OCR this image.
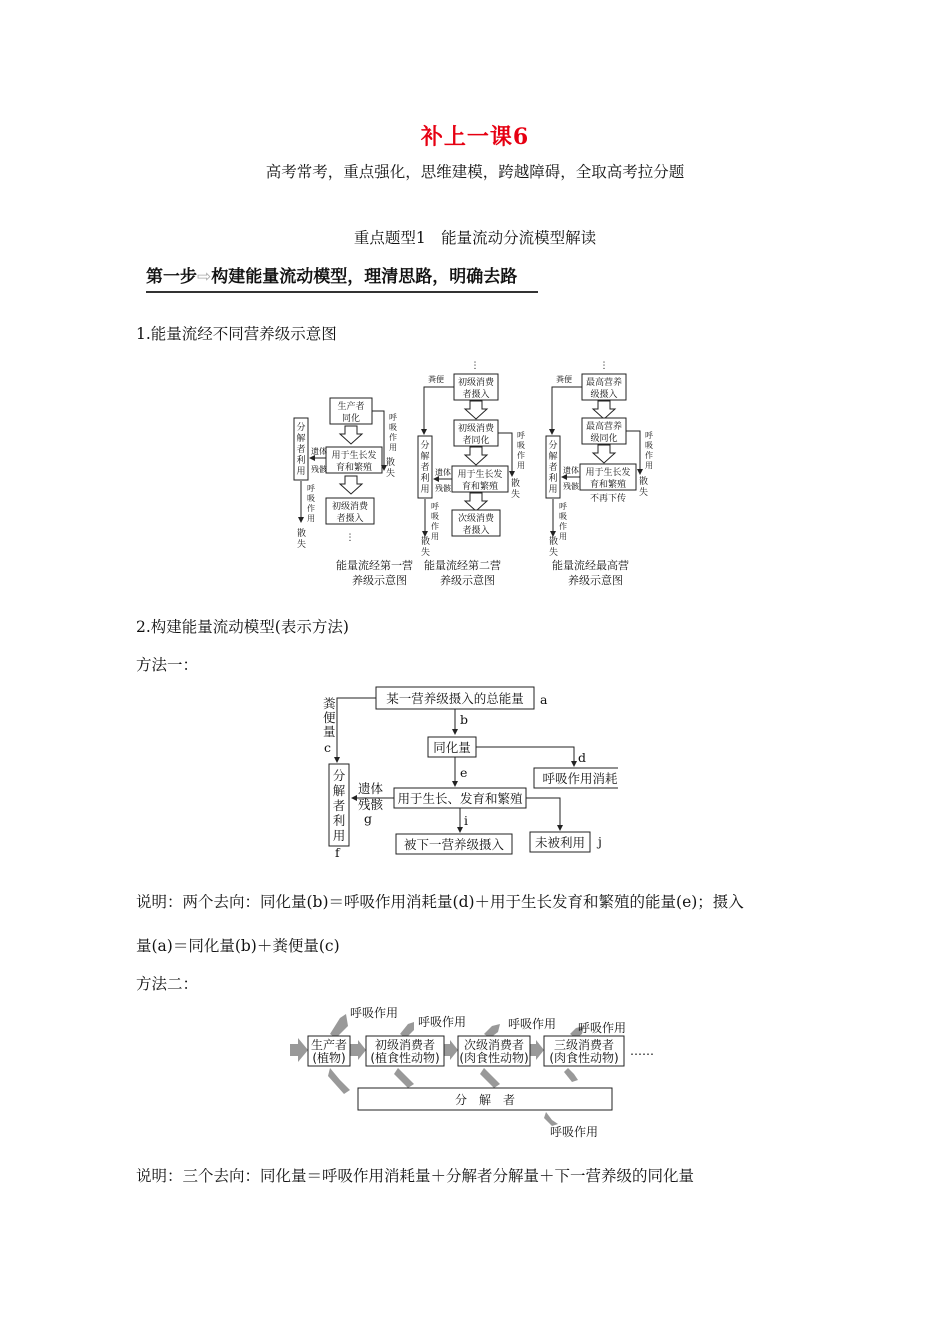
补上一课6
高考常考，重点强化，思维建模，跨越障碍，全取高考拉分题
重点题型1　能量流动分流模型解读
第一步⇨构建能量流动模型，理清思路，明确去路
1.能量流经不同营养级示意图
生产者
同化
用于生长发
育和繁殖
初级消费
者摄入
⋮
分
解
者
利
用
遗体
残骸
呼
吸
作
用
散
失
呼
吸
作
用
散
失
能量流经第一营
养级示意图
⋮
初级消费
者摄入
初级消费
者同化
用于生长发
育和繁殖
次级消费
者摄入
粪便
分
解
者
利
用
遗体
残骸
呼
吸
作
用
散
失
呼
吸
作
用
散
失
能量流经第二营
养级示意图
⋮
最高营养
级摄入
最高营养
级同化
用于生长发
育和繁殖
不再下传
粪便
分
解
者
利
用
遗体
残骸
呼
吸
作
用
散
失
呼
吸
作
用
散
失
能量流经最高营
养级示意图
2.构建能量流动模型(表示方法)
方法一：
某一营养级摄入的总能量 a
b
同化量
d
呼吸作用消耗
e
用于生长、发育和繁殖
粪
便
量
c
分
解
者
利
用
f
遗体
残骸
g	i
被下一营养级摄入 未被利用 j
说明：两个去向：同化量(b)＝呼吸作用消耗量(d)＋用于生长发育和繁殖的能量(e)；摄入
量(a)＝同化量(b)＋粪便量(c)
方法二：
呼吸作用
呼吸作用	呼吸作用 呼吸作用
生产者
(植物)
初级消费者
(植食性动物)
次级消费者
(肉食性动物)
三级消费者
(肉食性动物) ……
分　解　者
呼吸作用
说明：三个去向：同化量＝呼吸作用消耗量＋分解者分解量＋下一营养级的同化量
